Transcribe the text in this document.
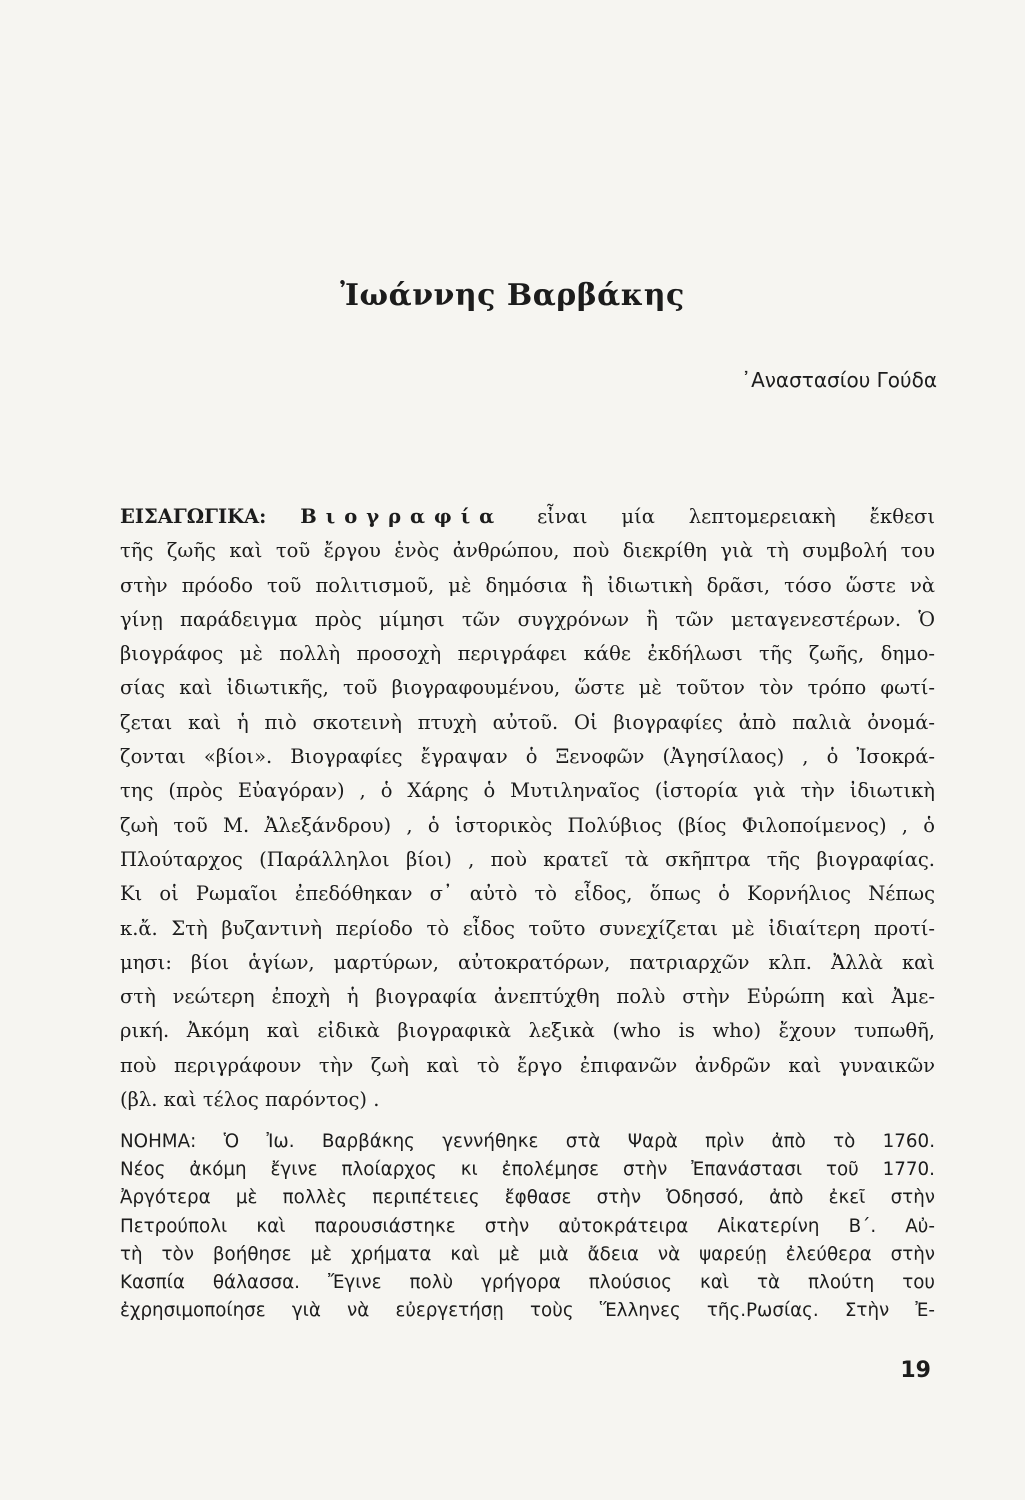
Ἰωάννης Βαρβάκης
᾿Αναστασίου Γούδα
ΕΙΣΑΓΩΓΙΚΑ: Βιογραφία εἶναι μία λεπτομερειακὴ ἔκθεσι
τῆς ζωῆς καὶ τοῦ ἔργου ἑνὸς ἀνθρώπου, ποὺ διεκρίθη γιὰ τὴ συμβολή του
στὴν πρόοδο τοῦ πολιτισμοῦ, μὲ δημόσια ἢ ἰδιωτικὴ δρᾶσι, τόσο ὥστε νὰ
γίνῃ παράδειγμα πρὸς μίμησι τῶν συγχρόνων ἢ τῶν μεταγενεστέρων. Ὁ
βιογράφος μὲ πολλὴ προσοχὴ περιγράφει κάθε ἐκδήλωσι τῆς ζωῆς, δημο-
σίας καὶ ἰδιωτικῆς, τοῦ βιογραφουμένου, ὥστε μὲ τοῦτον τὸν τρόπο φωτί-
ζεται καὶ ἡ πιὸ σκοτεινὴ πτυχὴ αὐτοῦ. Οἱ βιογραφίες ἀπὸ παλιὰ ὀνομά-
ζονται «βίοι». Βιογραφίες ἔγραψαν ὁ Ξενοφῶν (Ἀγησίλαος) , ὁ Ἰσοκρά-
της (πρὸς Εὐαγόραν) , ὁ Χάρης ὁ Μυτιληναῖος (ἱστορία γιὰ τὴν ἰδιωτικὴ
ζωὴ τοῦ Μ. Ἀλεξάνδρου) , ὁ ἱστορικὸς Πολύβιος (βίος Φιλοποίμενος) , ὁ
Πλούταρχος (Παράλληλοι βίοι) , ποὺ κρατεῖ τὰ σκῆπτρα τῆς βιογραφίας.
Κι οἱ Ρωμαῖοι ἐπεδόθηκαν σ᾽ αὐτὸ τὸ εἶδος, ὅπως ὁ Κορνήλιος Νέπως
κ.ἄ. Στὴ βυζαντινὴ περίοδο τὸ εἶδος τοῦτο συνεχίζεται μὲ ἰδιαίτερη προτί-
μησι: βίοι ἁγίων, μαρτύρων, αὐτοκρατόρων, πατριαρχῶν κλπ. Ἀλλὰ καὶ
στὴ νεώτερη ἐποχὴ ἡ βιογραφία ἀνεπτύχθη πολὺ στὴν Εὐρώπη καὶ Ἀμε-
ρική. Ἀκόμη καὶ εἰδικὰ βιογραφικὰ λεξικὰ (who is who) ἔχουν τυπωθῆ,
ποὺ περιγράφουν τὴν ζωὴ καὶ τὸ ἔργο ἐπιφανῶν ἀνδρῶν καὶ γυναικῶν
(βλ. καὶ τέλος παρόντος) .
ΝΟΗΜΑ: Ὁ Ἰω. Βαρβάκης γεννήθηκε στὰ Ψαρὰ πρὶν ἀπὸ τὸ 1760.
Νέος ἀκόμη ἔγινε πλοίαρχος κι ἐπολέμησε στὴν Ἐπανάστασι τοῦ 1770.
Ἀργότερα μὲ πολλὲς περιπέτειες ἔφθασε στὴν Ὀδησσό, ἀπὸ ἐκεῖ στὴν
Πετρούπολι καὶ παρουσιάστηκε στὴν αὐτοκράτειρα Αἰκατερίνη Β΄. Αὐ-
τὴ τὸν βοήθησε μὲ χρήματα καὶ μὲ μιὰ ἄδεια νὰ ψαρεύῃ ἐλεύθερα στὴν
Κασπία θάλασσα. Ἔγινε πολὺ γρήγορα πλούσιος καὶ τὰ πλούτη του
ἐχρησιμοποίησε γιὰ νὰ εὐεργετήσῃ τοὺς Ἕλληνες τῆς.Ρωσίας. Στὴν Ἐ-
19
